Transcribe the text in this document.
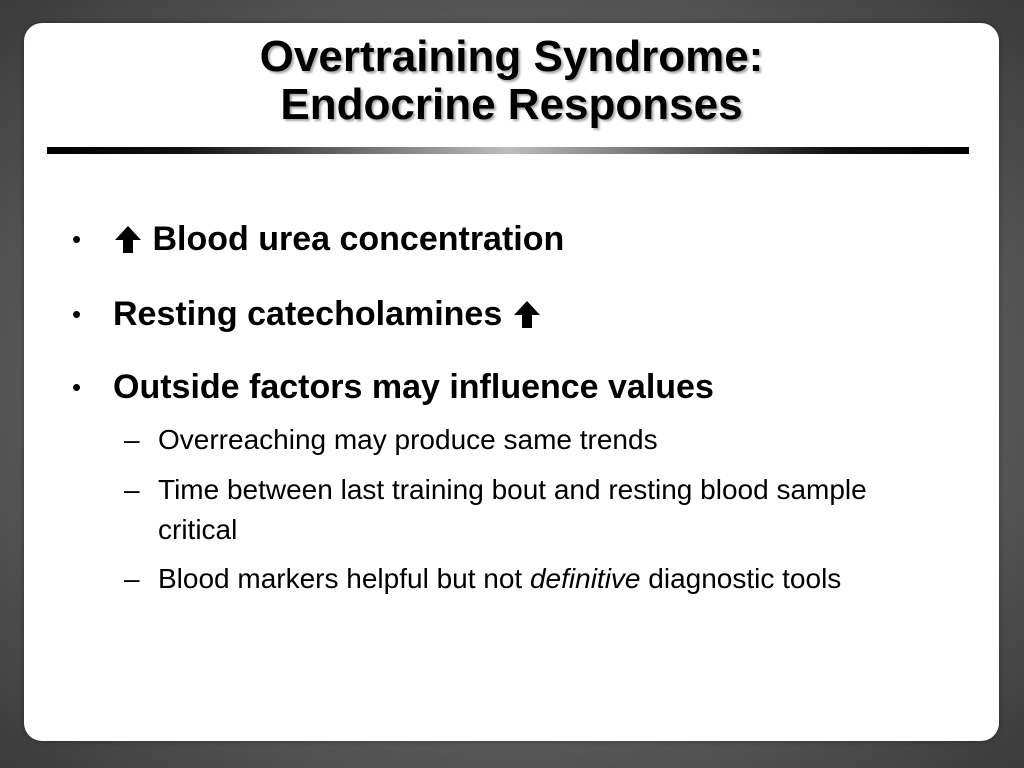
Overtraining Syndrome:
Endocrine Responses
• Blood urea concentration
• Resting catecholamines
• Outside factors may influence values
– Overreaching may produce same trends
– Time between last training bout and resting blood sample critical
– Blood markers helpful but not definitive diagnostic tools
